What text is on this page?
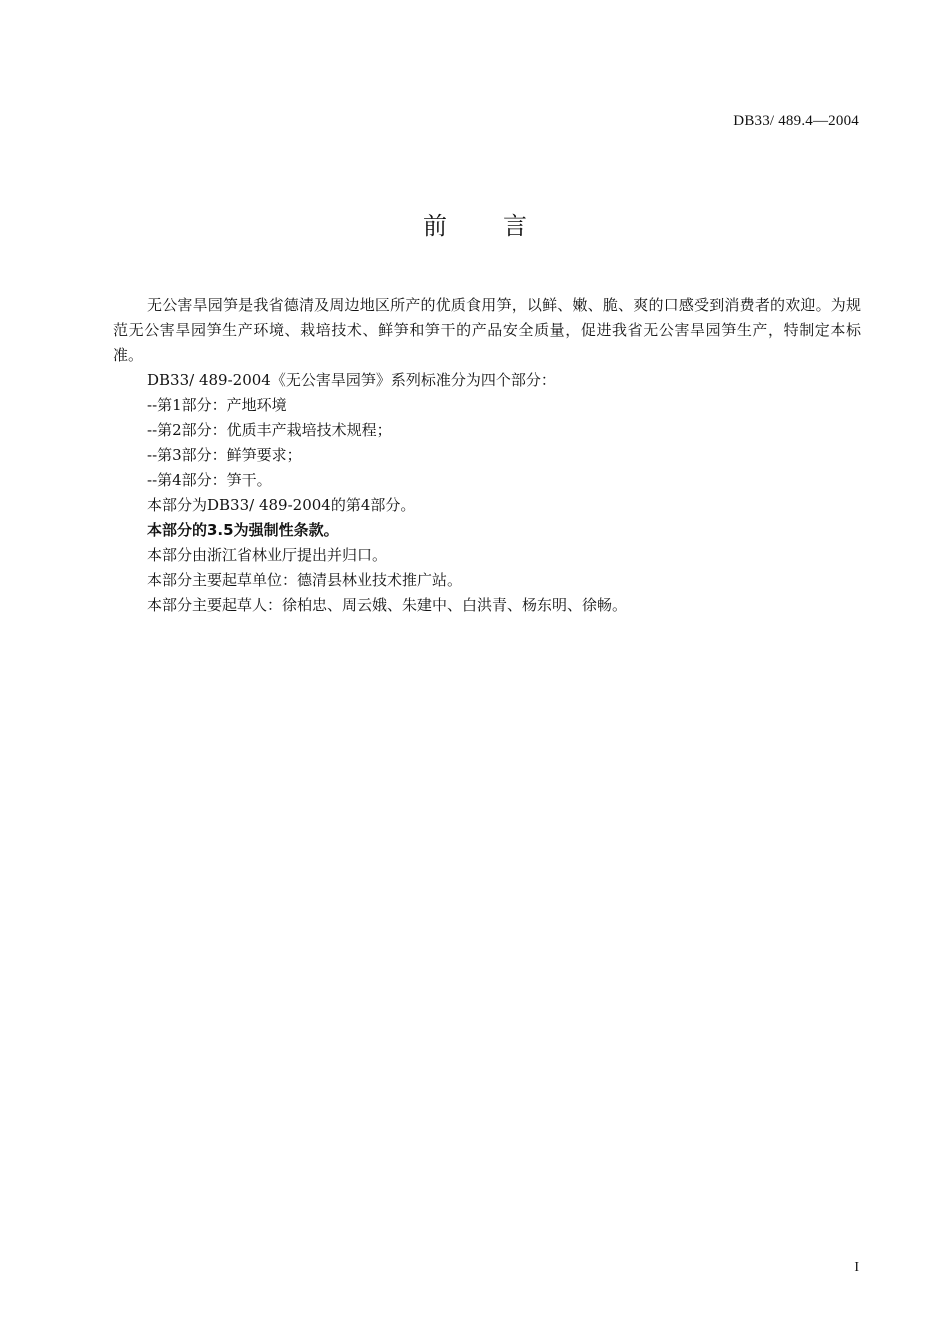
DB33/ 489.4—2004
前言

无公害旱园笋是我省德清及周边地区所产的优质食用笋，以鲜、嫩、脆、爽的口感受到消费者的欢迎。为规范无公害旱园笋生产环境、栽培技术、鲜笋和笋干的产品安全质量，促进我省无公害旱园笋生产，特制定本标准。

DB33/ 489-2004《无公害旱园笋》系列标准分为四个部分：

--第1部分：产地环境

--第2部分：优质丰产栽培技术规程；

--第3部分：鲜笋要求；

--第4部分：笋干。

本部分为DB33/ 489-2004的第4部分。

本部分的3.5为强制性条款。

本部分由浙江省林业厅提出并归口。

本部分主要起草单位：德清县林业技术推广站。

本部分主要起草人：徐柏忠、周云娥、朱建中、白洪青、杨东明、徐畅。

I
